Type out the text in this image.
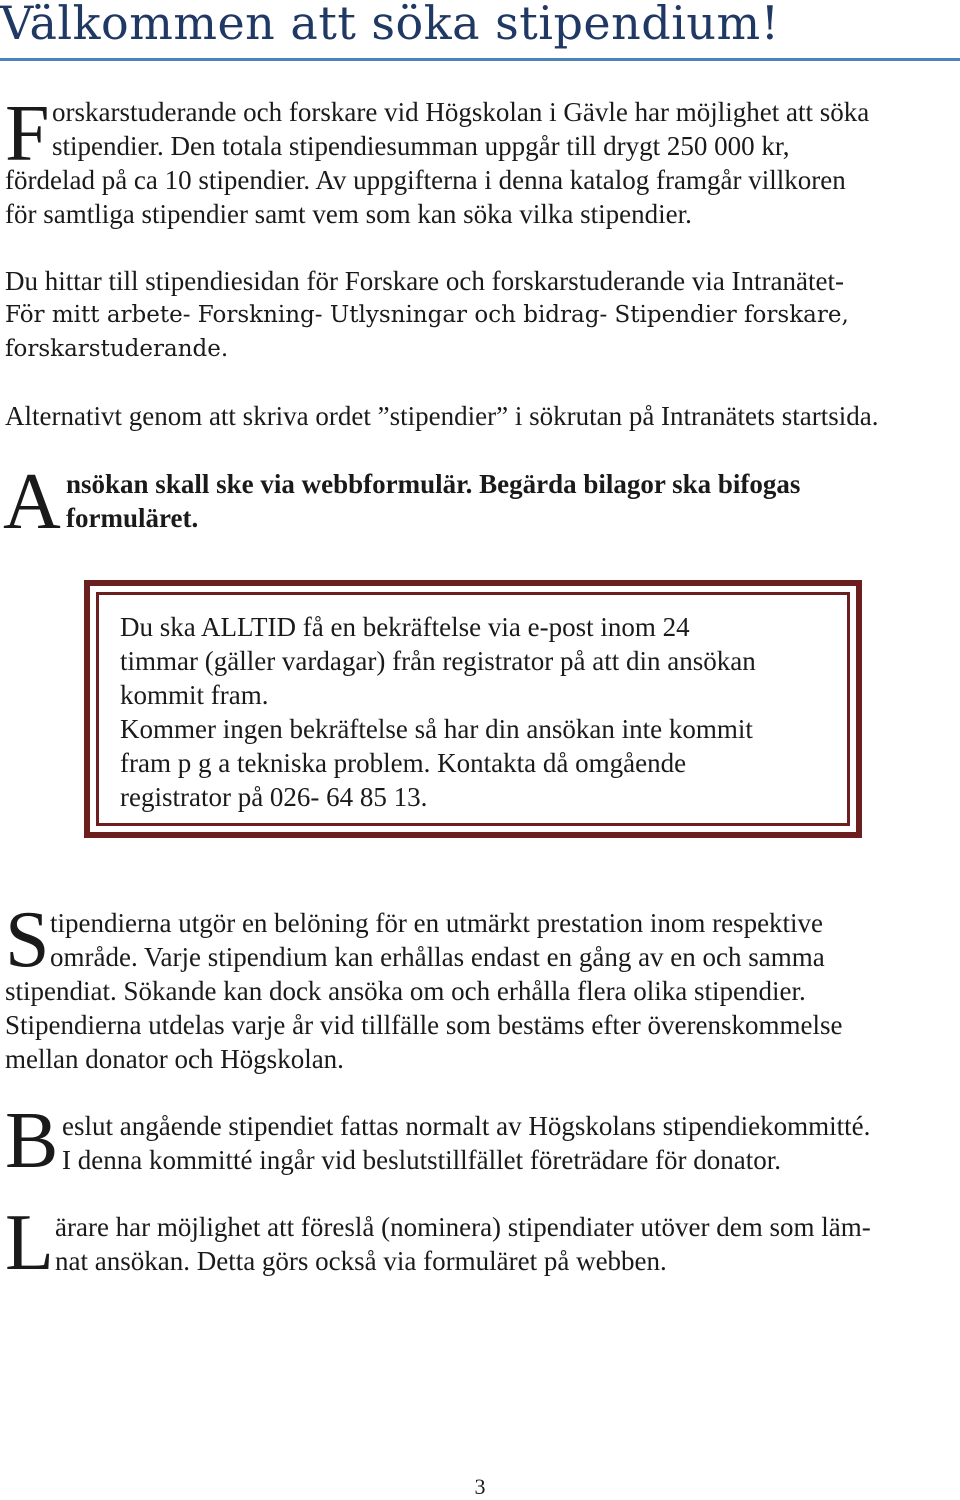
Välkommen att söka stipendium!
F orskarstuderande och forskare vid Högskolan i Gävle har möjlighet att söka
stipendier. Den totala stipendiesumman uppgår till drygt 250 000 kr,
fördelad på ca 10 stipendier. Av uppgifterna i denna katalog framgår villkoren
för samtliga stipendier samt vem som kan söka vilka stipendier.
Du hittar till stipendiesidan för Forskare och forskarstuderande via Intranätet-
För mitt arbete- Forskning- Utlysningar och bidrag- Stipendier forskare,
forskarstuderande.
Alternativt genom att skriva ordet ”stipendier” i sökrutan på Intranätets startsida.
A nsökan skall ske via webbformulär. Begärda bilagor ska bifogas
formuläret.
Du ska ALLTID få en bekräftelse via e-post inom 24
timmar (gäller vardagar) från registrator på att din ansökan
kommit fram.
Kommer ingen bekräftelse så har din ansökan inte kommit
fram p g a tekniska problem. Kontakta då omgående
registrator på 026- 64 85 13.
S tipendierna utgör en belöning för en utmärkt prestation inom respektive
område. Varje stipendium kan erhållas endast en gång av en och samma
stipendiat. Sökande kan dock ansöka om och erhålla flera olika stipendier.
Stipendierna utdelas varje år vid tillfälle som bestäms efter överenskommelse
mellan donator och Högskolan.
B eslut angående stipendiet fattas normalt av Högskolans stipendiekommitté.
I denna kommitté ingår vid beslutstillfället företrädare för donator.
L ärare har möjlighet att föreslå (nominera) stipendiater utöver dem som läm-
nat ansökan. Detta görs också via formuläret på webben.
3
